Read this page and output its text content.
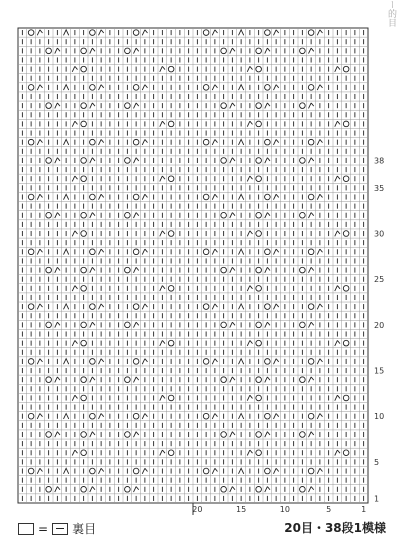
1
5
10
15
20
25
30
35
38
20	15	10	5	1
ー的目
= 裏目	20目・38段1模様
